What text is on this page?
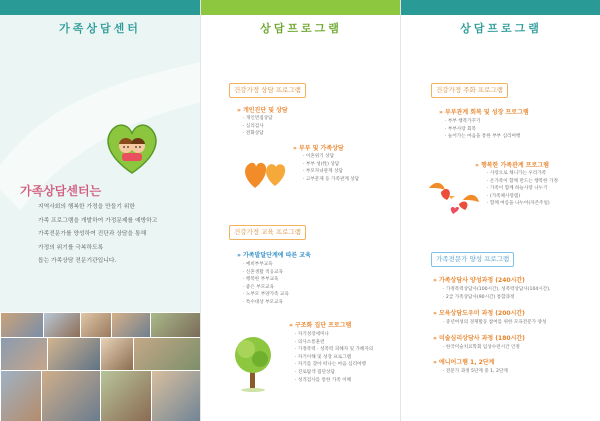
가족상담센터
가족상담센터는
지역사회의 행복한 가정을 만들기 위한
가족 프로그램을 개발하여 가정문제를 예방하고
가족전문가를 양성하여 진단과 상담을 통해
가정의 위기를 극복하도록
돕는 가족상담 전문기관입니다.
상담프로그램
건강가정 상담 프로그램
» 개인진단 및 상담
· 개인면접상담
· 심리검사
· 전화상담
» 부부 및 가족상담
· 이혼위기 상담
· 부부 성(性) 상담
· 부모자녀관계 상담
· 고부문제 등 가족관계 상담
건강가정 교육 프로그램
» 가족발달단계에 따른 교육
· 예비부부교육
· 신혼생활 적응교육
· 행복한 부부교육
· 좋은 부모교육
· 노부모 부양가족 교육
· 특수대상 부모교육
» 구조화 집단 프로그램
· 자기성장세미나
· 의사소통훈련
· 가정폭력 · 성폭력 피해자 및 가해자의
· 자기이해 및 성장 프로그램
· 자기를 찾아 떠나는 마음 심리여행
· 진로탐색 집단상담
· 성격검사를 통한 가족 이해
상담프로그램
건강가정 주화 프로그램
» 부부관계 회복 및 성장 프로그램
· 부부 행복가꾸기
· 부부사랑 회복
· 늘어가는 마음을 통한 부부 심리여행
» 행복한 가족관계 프로그램
· 사랑으로 채니가는 우리가족
· 온가족이 함께 만드는 행복한 가정
· 가족이 함께 하늘사랑 나누기
· (가족체사랑템)
· 함께 여름을 나누어(자존주일)
가족전문가 양성 프로그램
» 가족상담사 양성과정 (240시간)
· 가정폭력상담사(100시간), 성폭력상담사(104시간),
· 2급 가족상담사(90시간) 통합과정
» 모육상담도우미 과정 (200시간)
· 중년여성의 경제활동 참여를 위한 모육전문가 양성
» 미술심리상담사 과정 (180시간)
· 한국미술치료학회 임상수련시간 인정
» 에니어그램 1, 2단계
· 전문가 과정 5단계 중 1, 2단계
